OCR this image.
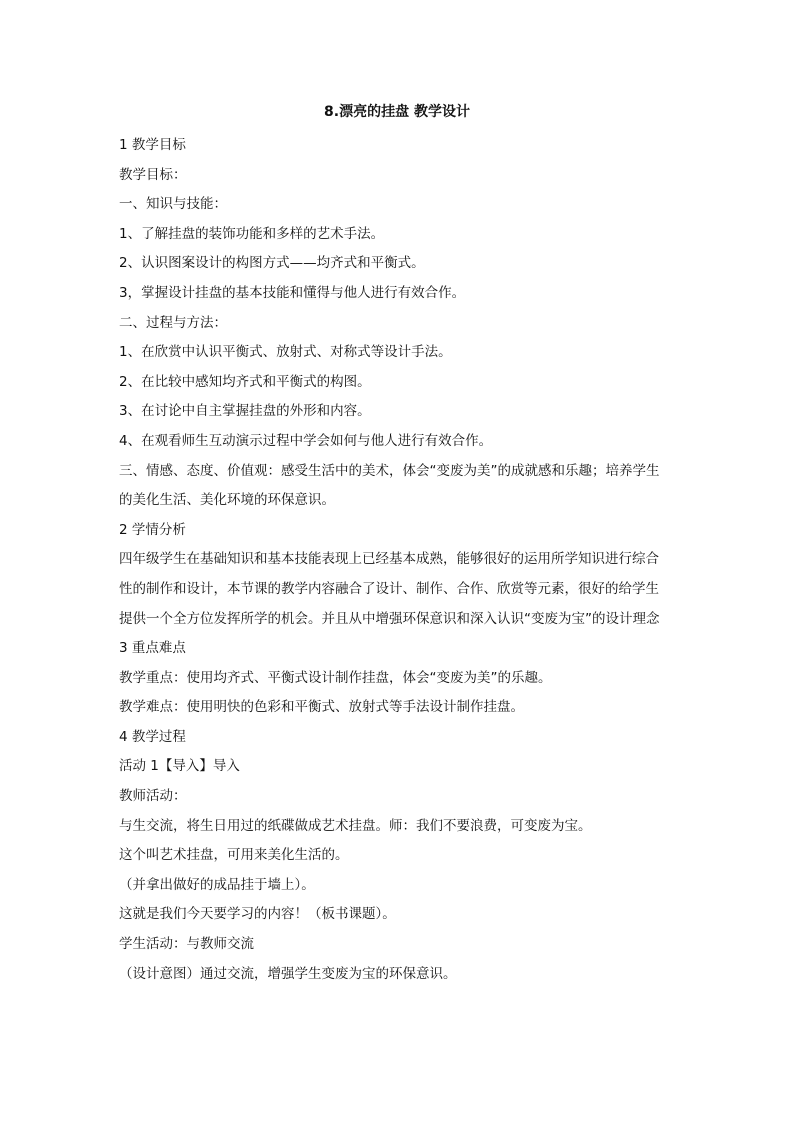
8.漂亮的挂盘 教学设计
1 教学目标
教学目标：
一、知识与技能：
1、了解挂盘的装饰功能和多样的艺术手法。
2、认识图案设计的构图方式——均齐式和平衡式。
3，掌握设计挂盘的基本技能和懂得与他人进行有效合作。
二、过程与方法：
1、在欣赏中认识平衡式、放射式、对称式等设计手法。
2、在比较中感知均齐式和平衡式的构图。
3、在讨论中自主掌握挂盘的外形和内容。
4、在观看师生互动演示过程中学会如何与他人进行有效合作。
三、情感、态度、价值观：感受生活中的美术，体会“变废为美”的成就感和乐趣；培养学生
的美化生活、美化环境的环保意识。
2 学情分析
四年级学生在基础知识和基本技能表现上已经基本成熟，能够很好的运用所学知识进行综合
性的制作和设计，本节课的教学内容融合了设计、制作、合作、欣赏等元素，很好的给学生
提供一个全方位发挥所学的机会。并且从中增强环保意识和深入认识“变废为宝”的设计理念
3 重点难点
教学重点：使用均齐式、平衡式设计制作挂盘，体会“变废为美”的乐趣。
教学难点：使用明快的色彩和平衡式、放射式等手法设计制作挂盘。
4 教学过程
活动 1【导入】导入
教师活动：
与生交流，将生日用过的纸碟做成艺术挂盘。师：我们不要浪费，可变废为宝。
这个叫艺术挂盘，可用来美化生活的。
（并拿出做好的成品挂于墙上）。
这就是我们今天要学习的内容！（板书课题）。
学生活动：与教师交流
（设计意图）通过交流，增强学生变废为宝的环保意识。
